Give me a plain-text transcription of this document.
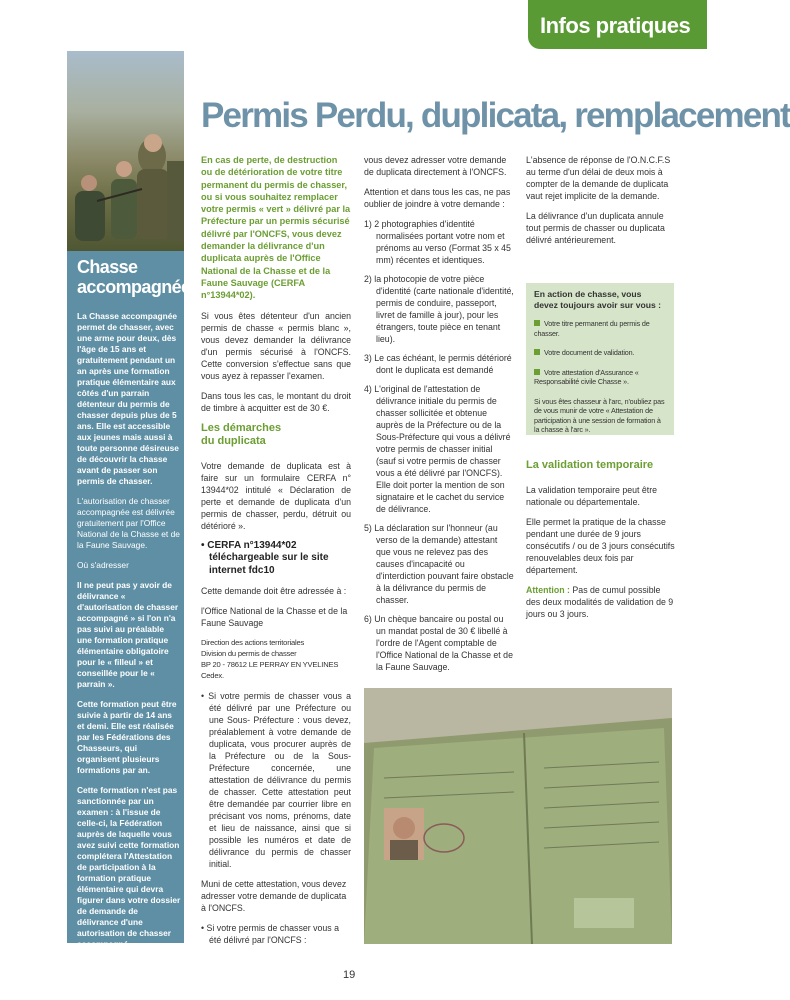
Infos pratiques
Chasse accompagnée

La Chasse accompagnée permet de chasser, avec une arme pour deux, dès l'âge de 15 ans et gratuitement pendant un an après une formation pratique élémentaire aux côtés d'un parrain détenteur du permis de chasser depuis plus de 5 ans. Elle est accessible aux jeunes mais aussi à toute personne désireuse de découvrir la chasse avant de passer son permis de chasser.

L'autorisation de chasser accompagnée est délivrée gratuitement par l'Office National de la Chasse et de la Faune Sauvage.

Où s'adresser

Il ne peut pas y avoir de délivrance « d'autorisation de chasser accompagné » si l'on n'a pas suivi au préalable une formation pratique élémentaire obligatoire pour le « filleul » et conseillée pour le « parrain ».

Cette formation peut être suivie à partir de 14 ans et demi. Elle est réalisée par les Fédérations des Chasseurs, qui organisent plusieurs formations par an.

Cette formation n'est pas sanctionnée par un examen : à l'issue de celle-ci, la Fédération auprès de laquelle vous avez suivi cette formation complétera l'Attestation de participation à la formation pratique élémentaire qui devra figurer dans votre dossier de demande de délivrance d'une autorisation de chasser accompagné.

Permis Perdu, duplicata, remplacement

En cas de perte, de destruction ou de détérioration de votre titre permanent du permis de chasser, ou si vous souhaitez remplacer votre permis « vert » délivré par la Préfecture par un permis sécurisé délivré par l'ONCFS, vous devez demander la délivrance d'un duplicata auprès de l'Office National de la Chasse et de la Faune Sauvage (CERFA n°13944*02).

Si vous êtes détenteur d'un ancien permis de chasse « permis blanc », vous devez demander la délivrance d'un permis sécurisé à l'ONCFS. Cette conversion s'effectue sans que vous ayez à repasser l'examen.

Dans tous les cas, le montant du droit de timbre à acquitter est de 30 €.

Les démarches
du duplicata

Votre demande de duplicata est à faire sur un formulaire CERFA n° 13944*02 intitulé « Déclaration de perte et demande de duplicata d'un permis de chasser, perdu, détruit ou détérioré ».

• CERFA n°13944*02 téléchargeable sur le site internet fdc10

Cette demande doit être adressée à :

l'Office National de la Chasse et de la Faune Sauvage

Direction des actions territoriales
Division du permis de chasser
BP 20 - 78612 LE PERRAY EN YVELINES Cedex.

• Si votre permis de chasser vous a été délivré par une Préfecture ou une Sous- Préfecture : vous devez, préalablement à votre demande de duplicata, vous procurer auprès de la Préfecture ou de la Sous-Préfecture concernée, une attestation de délivrance du permis de chasser. Cette attestation peut être demandée par courrier libre en précisant vos noms, prénoms, date et lieu de naissance, ainsi que si possible les numéros et date de délivrance du permis de chasser initial.

Muni de cette attestation, vous devez adresser votre demande de duplicata à l'ONCFS.

• Si votre permis de chasser vous a été délivré par l'ONCFS :

vous devez adresser votre demande de duplicata directement à l'ONCFS.

Attention et dans tous les cas, ne pas oublier de joindre à votre demande :

1) 2 photographies d'identité normalisées portant votre nom et prénoms au verso (Format 35 x 45 mm) récentes et identiques.
2) la photocopie de votre pièce d'identité (carte nationale d'identité, permis de conduire, passeport, livret de famille à jour), pour les étrangers, toute pièce en tenant lieu).
3) Le cas échéant, le permis détérioré dont le duplicata est demandé
4) L'original de l'attestation de délivrance initiale du permis de chasser sollicitée et obtenue auprès de la Préfecture ou de la Sous-Préfecture qui vous a délivré votre permis de chasser initial (sauf si votre permis de chasser vous a été délivré par l'ONCFS). Elle doit porter la mention de son signataire et le cachet du service de délivrance.
5) La déclaration sur l'honneur (au verso de la demande) attestant que vous ne relevez pas des causes d'incapacité ou d'interdiction pouvant faire obstacle à la délivrance du permis de chasser.
6) Un chèque bancaire ou postal ou un mandat postal de 30 € libellé à l'ordre de l'Agent comptable de l'Office National de la Chasse et de la Faune Sauvage.

L'absence de réponse de l'O.N.C.F.S au terme d'un délai de deux mois à compter de la demande de duplicata vaut rejet implicite de la demande.

La délivrance d'un duplicata annule tout permis de chasser ou duplicata délivré antérieurement.

En action de chasse, vous devez toujours avoir sur vous :
Votre titre permanent du permis de chasser.
Votre document de validation.
Votre attestation d'Assurance « Responsabilité civile Chasse ».
Si vous êtes chasseur à l'arc, n'oubliez pas de vous munir de votre « Attestation de participation à une session de formation à la chasse à l'arc ».
La validation temporaire

La validation temporaire peut être nationale ou départementale.

Elle permet la pratique de la chasse pendant une durée de 9 jours consécutifs / ou de 3 jours consécutifs renouvelables deux fois par département.

Attention : Pas de cumul possible des deux modalités de validation de 9 jours ou 3 jours.

19
